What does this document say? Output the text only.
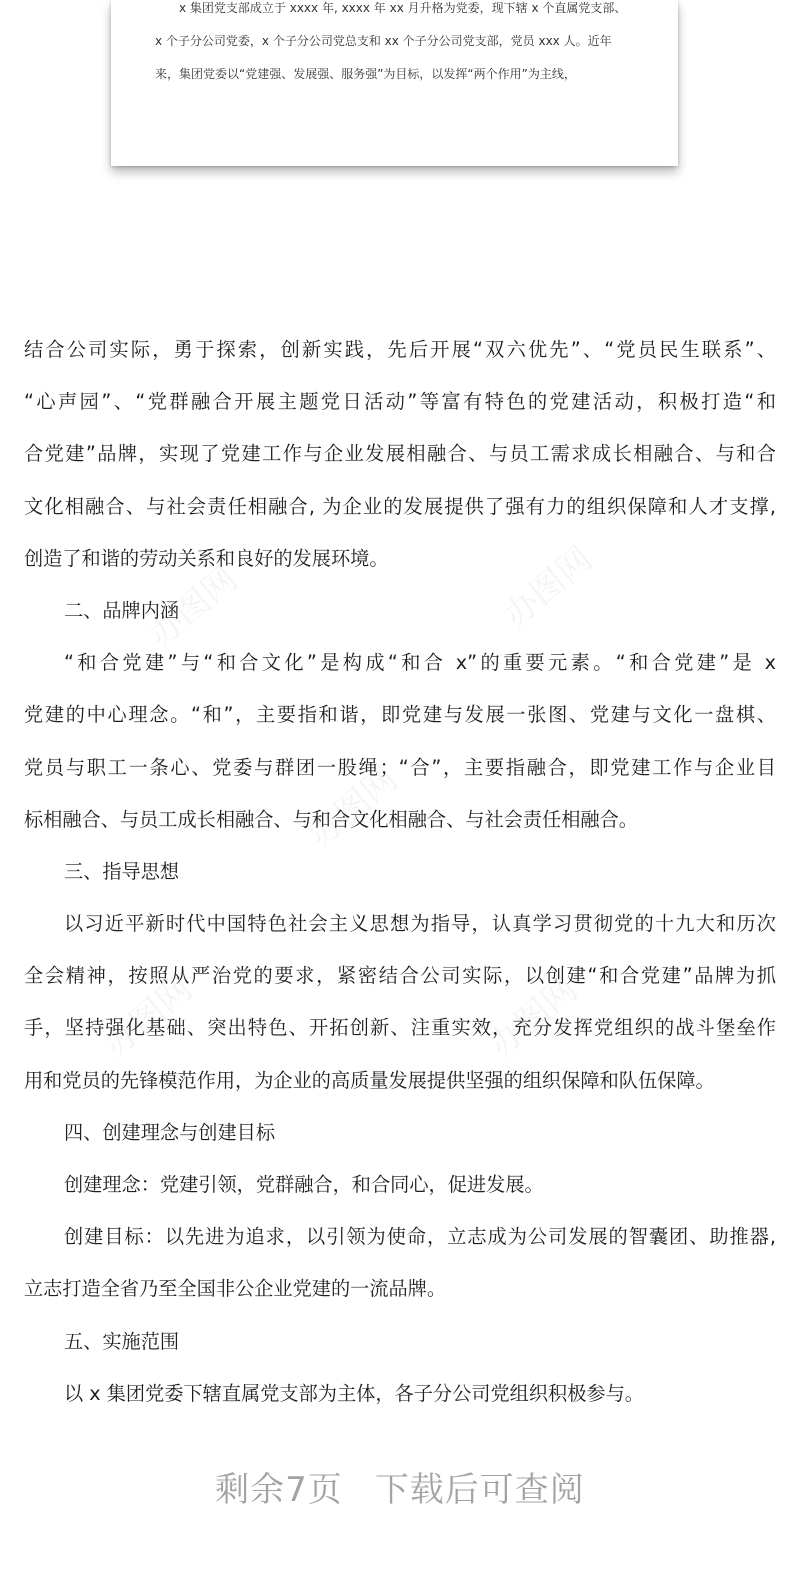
x 集团党支部成立于 xxxx 年, xxxx 年 xx 月升格为党委，现下辖 x 个直属党支部、
x 个子分公司党委，x 个子分公司党总支和 xx 个子分公司党支部，党员 xxx 人。近年
来，集团党委以“党建强、发展强、服务强”为目标，以发挥“两个作用”为主线，
结合公司实际，勇于探索，创新实践，先后开展“双六优先”、“党员民生联系”、
“心声园”、“党群融合开展主题党日活动”等富有特色的党建活动，积极打造“和
合党建”品牌，实现了党建工作与企业发展相融合、与员工需求成长相融合、与和合
文化相融合、与社会责任相融合, 为企业的发展提供了强有力的组织保障和人才支撑,
创造了和谐的劳动关系和良好的发展环境。
二、品牌内涵
“和合党建”与“和合文化”是构成“和合 x”的重要元素。“和合党建”是 x
党建的中心理念。“和”，主要指和谐，即党建与发展一张图、党建与文化一盘棋、
党员与职工一条心、党委与群团一股绳；“合”，主要指融合，即党建工作与企业目
标相融合、与员工成长相融合、与和合文化相融合、与社会责任相融合。
三、指导思想
以习近平新时代中国特色社会主义思想为指导，认真学习贯彻党的十九大和历次
全会精神，按照从严治党的要求，紧密结合公司实际，以创建“和合党建”品牌为抓
手，坚持强化基础、突出特色、开拓创新、注重实效，充分发挥党组织的战斗堡垒作
用和党员的先锋模范作用，为企业的高质量发展提供坚强的组织保障和队伍保障。
四、创建理念与创建目标
创建理念：党建引领，党群融合，和合同心，促进发展。
创建目标：以先进为追求，以引领为使命，立志成为公司发展的智囊团、助推器,
立志打造全省乃至全国非公企业党建的一流品牌。
五、实施范围
以 x 集团党委下辖直属党支部为主体，各子分公司党组织积极参与。
剩余7页 下载后可查阅
